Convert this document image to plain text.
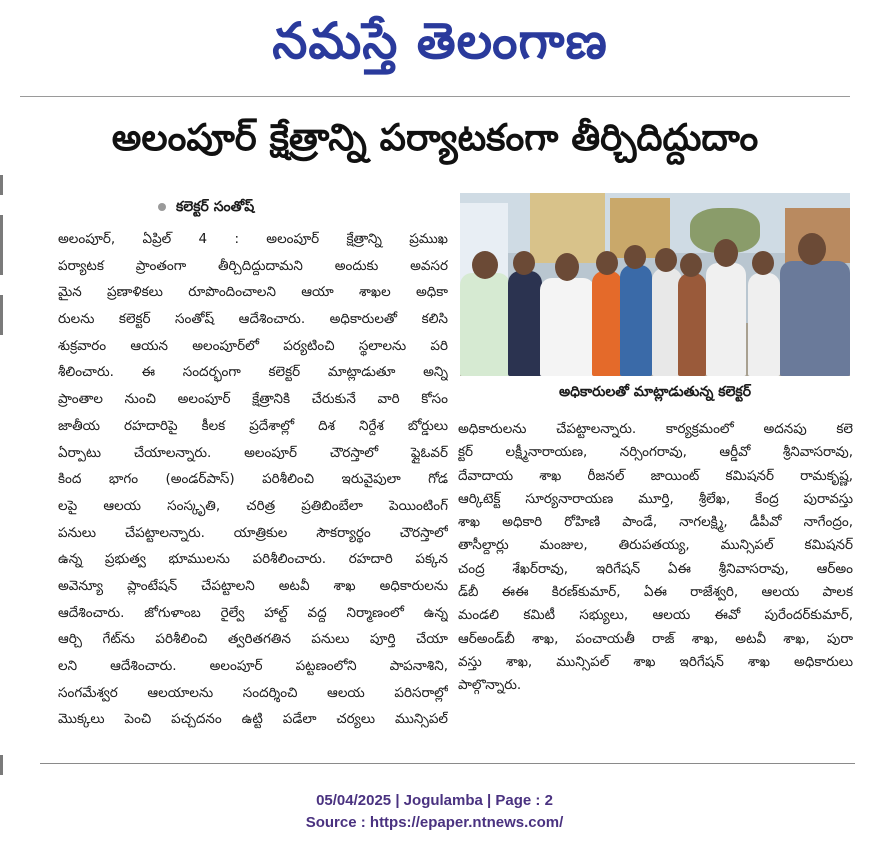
నమస్తే తెలంగాణ
అలంపూర్ క్షేత్రాన్ని పర్యాటకంగా తీర్చిదిద్దుదాం
కలెక్టర్ సంతోష్
అలంపూర్, ఏప్రిల్ 4 : అలంపూర్ క్షేత్రాన్ని ప్రముఖ
పర్యాటక ప్రాంతంగా తీర్చిదిద్దుదామని అందుకు అవసర
మైన ప్రణాళికలు రూపొందించాలని ఆయా శాఖల అధికా
రులను కలెక్టర్ సంతోష్ ఆదేశించారు. అధికారులతో కలిసి
శుక్రవారం ఆయన అలంపూర్‌లో పర్యటించి స్థలాలను పరి
శీలించారు. ఈ సందర్భంగా కలెక్టర్ మాట్లాడుతూ అన్ని
ప్రాంతాల నుంచి అలంపూర్ క్షేత్రానికి చేరుకునే వారి కోసం
జాతీయ రహదారిపై కీలక ప్రదేశాల్లో దిశ నిర్దేశ బోర్డులు
ఏర్పాటు చేయాలన్నారు. అలంపూర్ చౌరస్తాలో ఫ్లైఓవర్
కింద భాగం (అండర్‌పాస్) పరిశీలించి ఇరువైపులా గోడ
లపై ఆలయ సంస్కృతి, చరిత్ర ప్రతిబింబేలా పెయింటింగ్
పనులు చేపట్టాలన్నారు. యాత్రికుల సౌకర్యార్థం చౌరస్తాలో
ఉన్న ప్రభుత్వ భూములను పరిశీలించారు. రహదారి పక్కన
అవెన్యూ ప్లాంటేషన్ చేపట్టాలని అటవీ శాఖ అధికారులను
ఆదేశించారు. జోగుళాంబ రైల్వే హాల్ట్ వద్ద నిర్మాణంలో ఉన్న
ఆర్చి గేట్‌ను పరిశీలించి త్వరితగతిన పనులు పూర్తి చేయా
లని ఆదేశించారు. అలంపూర్ పట్టణంలోని పాపనాశిని,
సంగమేశ్వర ఆలయాలను సందర్శించి ఆలయ పరిసరాల్లో
మొక్కలు పెంచి పచ్చదనం ఉట్టి పడేలా చర్యలు మున్సిపల్
అధికారులతో మాట్లాడుతున్న కలెక్టర్
అధికారులను చేపట్టాలన్నారు. కార్యక్రమంలో అదనపు కలె
క్టర్ లక్ష్మీనారాయణ, నర్సింగరావు, ఆర్డీవో శ్రీనివాసరావు,
దేవాదాయ శాఖ రీజనల్ జాయింట్ కమిషనర్ రామకృష్ణ,
ఆర్కిటెక్ట్ సూర్యనారాయణ మూర్తి, శ్రీలేఖ, కేంద్ర పురావస్తు
శాఖ అధికారి రోహిణి పాండే, నాగలక్ష్మి, డీపీవో నాగేంద్రం,
తాసీల్దార్లు మంజుల, తిరుపతయ్య, మున్సిపల్ కమిషనర్
చంద్ర శేఖర్‌రావు, ఇరిగేషన్ ఏఈ శ్రీనివాసరావు, ఆర్అం
డ్‌బీ ఈఈ కిరణ్‌కుమార్, ఏఈ రాజేశ్వరి, ఆలయ పాలక
మండలి కమిటీ సభ్యులు, ఆలయ ఈవో పురేందర్‌కుమార్,
ఆర్అండ్‌బీ శాఖ, పంచాయతీ రాజ్ శాఖ, అటవీ శాఖ, పురా
వస్తు శాఖ, మున్సిపల్ శాఖ ఇరిగేషన్ శాఖ అధికారులు
పాల్గొన్నారు.
05/04/2025 | Jogulamba | Page : 2
Source : https://epaper.ntnews.com/
